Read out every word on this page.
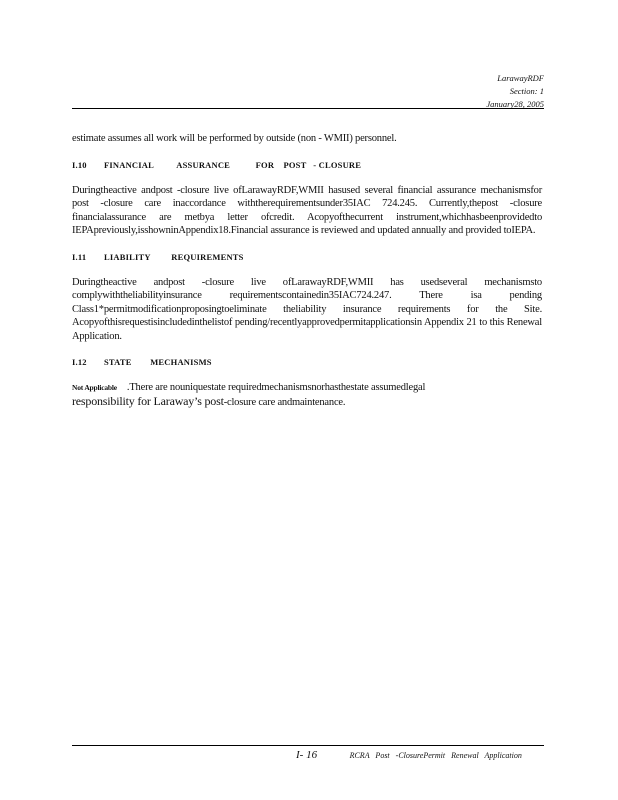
LarawayRDF
Section: 1
January28, 2005

estimate assumes all work will be performed by outside (non - WMII) personnel.

I.10 FINANCIAL          ASSURANCE           FOR    POST   - CLOSURE

Duringtheactive andpost -closure live ofLarawayRDF,WMII hasused several financial assurance mechanismsfor post -closure care inaccordance withtherequirementsunder35IAC 724.245. Currently,thepost -closure financialassurance are metbya letter ofcredit. Acopyofthecurrent instrument,whichhasbeenprovidedto IEPApreviously,isshowninAppendix18.Financial assurance is reviewed and updated annually and provided toIEPA.

I.11 LIABILITY         REQUIREMENTS

Duringtheactive andpost -closure live ofLarawayRDF,WMII has usedseveral mechanismsto complywiththeliabilityinsurance requirementscontainedin35IAC724.247. There isa pending Class1*permitmodificationproposingtoeliminate theliability insurance requirements for the Site. Acopyofthisrequestisincludedinthelistof pending/recentlyapprovedpermitapplicationsin Appendix 21 to this Renewal Application.

I.12 STATE        MECHANISMS

Not Applicable .There are nouniquestate requiredmechanismsnorhasthestate assumedlegal
responsibility for Laraway’s post-closure care andmaintenance.

I- 16	RCRA Post -ClosurePermit Renewal Application
